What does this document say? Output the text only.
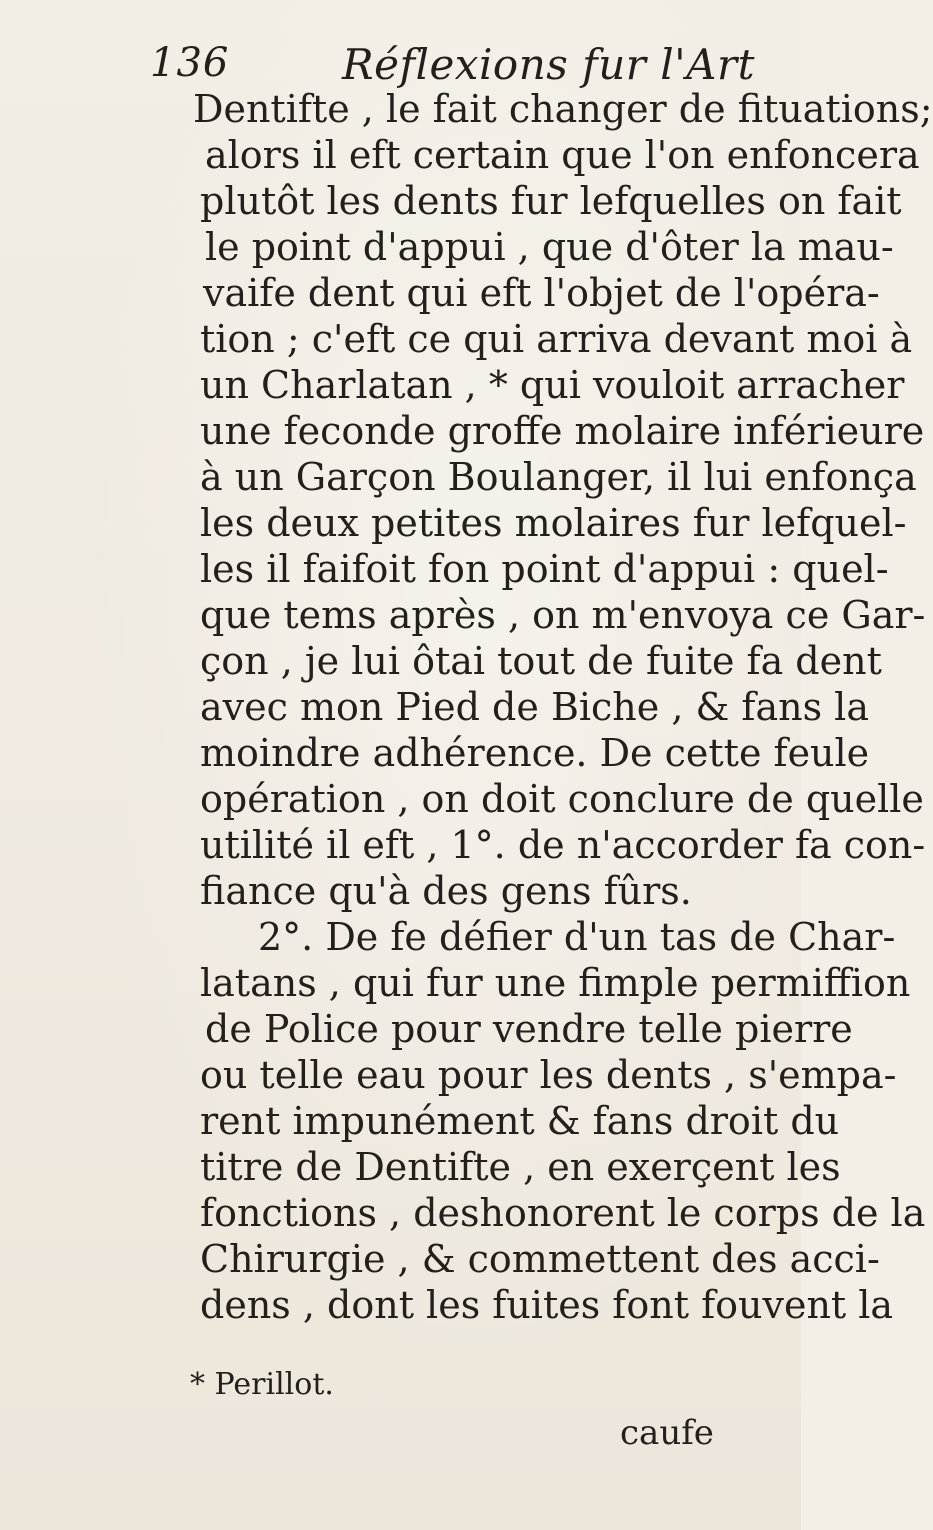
136	Réflexions fur l'Art
Dentifte , le fait changer de fituations;
alors il eft certain que l'on enfoncera
plutôt les dents fur lefquelles on fait
le point d'appui , que d'ôter la mau-
vaife dent qui eft l'objet de l'opéra-
tion ; c'eft ce qui arriva devant moi à
un Charlatan , * qui vouloit arracher
une feconde groffe molaire inférieure
à un Garçon Boulanger, il lui enfonça
les deux petites molaires fur lefquel-
les il faifoit fon point d'appui : quel-
que tems après , on m'envoya ce Gar-
çon , je lui ôtai tout de fuite fa dent
avec mon Pied de Biche , & fans la
moindre adhérence. De cette feule
opération , on doit conclure de quelle
utilité il eft , 1°. de n'accorder fa con-
fiance qu'à des gens fûrs.
2°. De fe défier d'un tas de Char-
latans , qui fur une fimple permiffion
de Police pour vendre telle pierre
ou telle eau pour les dents , s'empa-
rent impunément & fans droit du
titre de Dentifte , en exerçent les
fonctions , deshonorent le corps de la
Chirurgie , & commettent des acci-
dens , dont les fuites font fouvent la
* Perillot.
caufe
